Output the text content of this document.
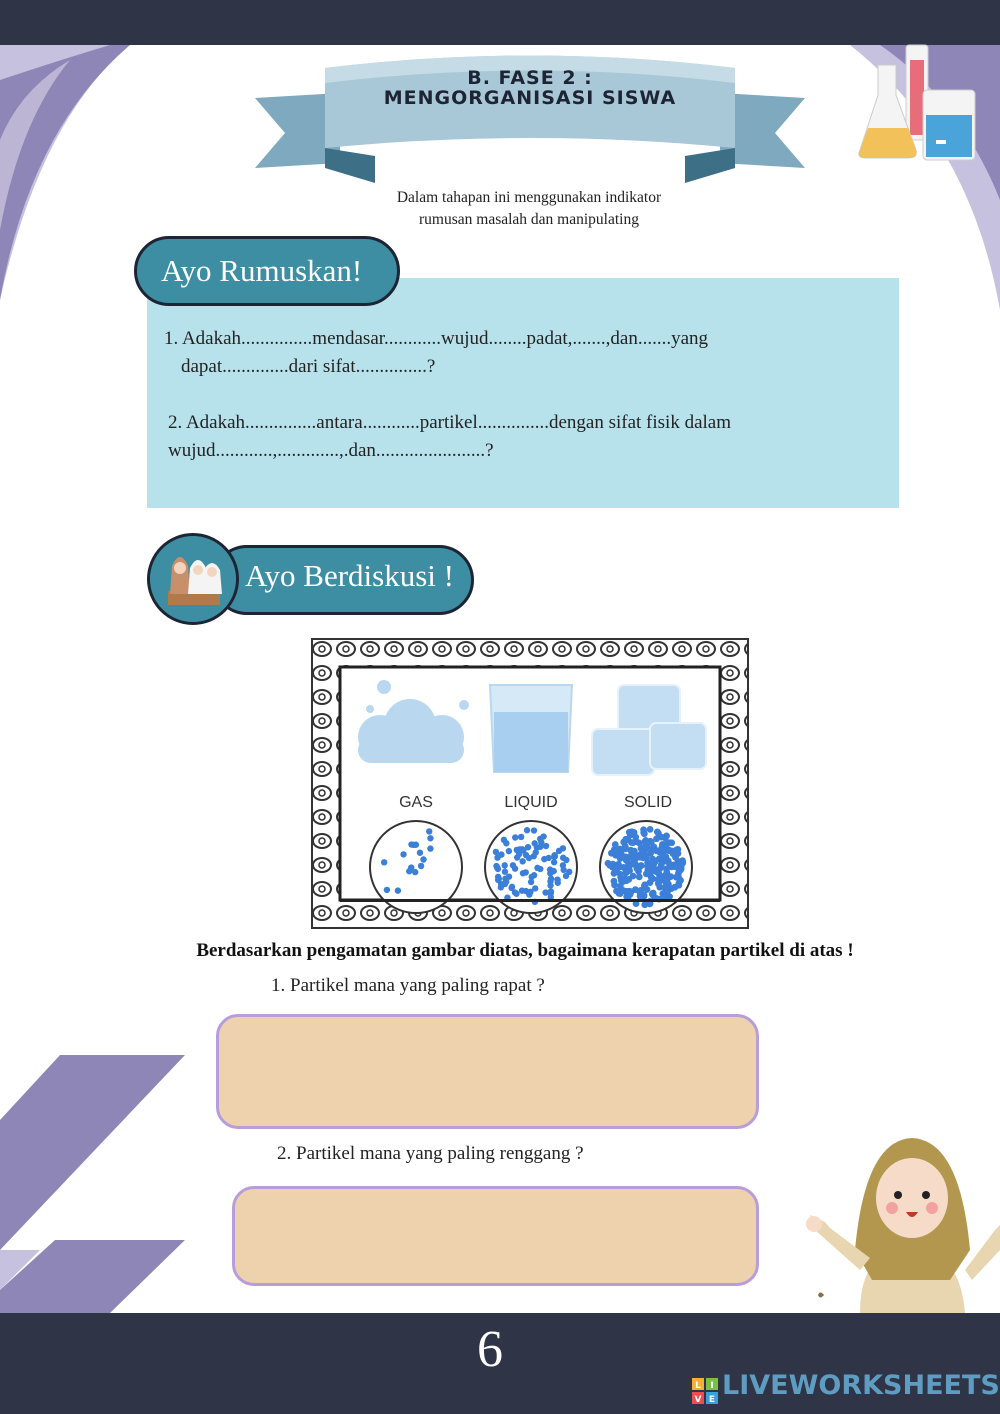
B. FASE 2 :
MENGORGANISASI SISWA
Dalam tahapan ini menggunakan indikator
rumusan masalah dan manipulating
Ayo Rumuskan!
1. Adakah...............mendasar............wujud........padat,.......,dan.......yang
dapat..............dari sifat...............?
2. Adakah...............antara............partikel...............dengan sifat fisik dalam
wujud............,.............,.dan.......................?
Ayo Berdiskusi !
GAS	LIQUID	SOLID
Berdasarkan pengamatan gambar diatas, bagaimana kerapatan partikel di atas !
1. Partikel mana yang paling rapat ?
2. Partikel mana yang paling renggang ?
6
L I
V E LIVEWORKSHEETS
